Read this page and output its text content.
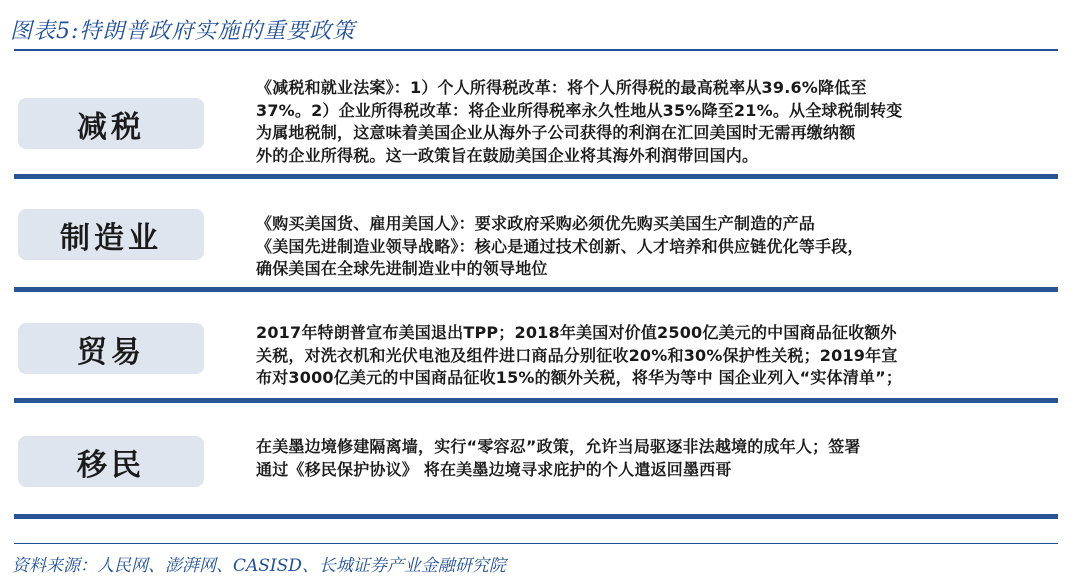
图表5:特朗普政府实施的重要政策
减税
《减税和就业法案》：1）个人所得税改革：将个人所得税的最高税率从39.6%降低至
37%。2）企业所得税改革：将企业所得税率永久性地从35%降至21%。从全球税制转变
为属地税制，这意味着美国企业从海外子公司获得的利润在汇回美国时无需再缴纳额
外的企业所得税。这一政策旨在鼓励美国企业将其海外利润带回国内。
制造业	《购买美国货、雇用美国人》：要求政府采购必须优先购买美国生产制造的产品
《美国先进制造业领导战略》：核心是通过技术创新、人才培养和供应链优化等手段，
确保美国在全球先进制造业中的领导地位
贸易
2017年特朗普宣布美国退出TPP；2018年美国对价值2500亿美元的中国商品征收额外
关税，对洗衣机和光伏电池及组件进口商品分别征收20%和30%保护性关税；2019年宣
布对3000亿美元的中国商品征收15%的额外关税，将华为等中 国企业列入“实体清单”；
移民
在美墨边境修建隔离墙，实行“零容忍”政策，允许当局驱逐非法越境的成年人；签署
通过《移民保护协议》 将在美墨边境寻求庇护的个人遣返回墨西哥
资料来源：人民网、澎湃网、CASISD、长城证券产业金融研究院
